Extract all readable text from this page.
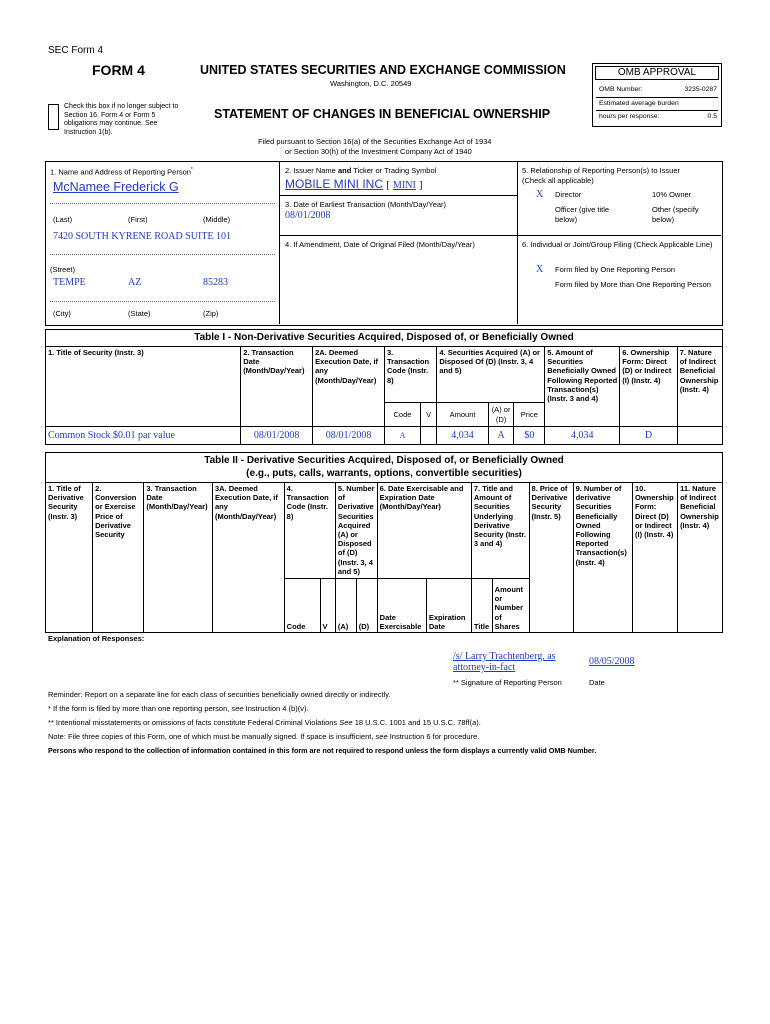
SEC Form 4
FORM 4	UNITED STATES SECURITIES AND EXCHANGE COMMISSION
Washington, D.C. 20549
Check this box if no longer subject to Section 16. Form 4 or Form 5 obligations may continue. See Instruction 1(b).
STATEMENT OF CHANGES IN BENEFICIAL OWNERSHIP
Filed pursuant to Section 16(a) of the Securities Exchange Act of 1934
or Section 30(h) of the Investment Company Act of 1940
OMB APPROVAL
OMB Number:	3235-0287
Estimated average burden
hours per response:	0.5
1. Name and Address of Reporting Person*
McNamee Frederick G
(Last)	(First)	(Middle)
7420 SOUTH KYRENE ROAD SUITE 101
(Street)
TEMPE	AZ	85283
(City)	(State)	(Zip)
2. Issuer Name and Ticker or Trading Symbol
MOBILE MINI INC [ MINI ]
3. Date of Earliest Transaction (Month/Day/Year)
08/01/2008
4. If Amendment, Date of Original Filed (Month/Day/Year)
5. Relationship of Reporting Person(s) to Issuer
(Check all applicable)
X Director	10% Owner
Officer (give title below)
Other (specify below)
6. Individual or Joint/Group Filing (Check Applicable Line)
X Form filed by One Reporting Person
Form filed by More than One Reporting Person
Table I - Non-Derivative Securities Acquired, Disposed of, or Beneficially Owned
1. Title of Security (Instr. 3)	2. Transaction Date (Month/Day/Year)	2A. Deemed Execution Date, if any (Month/Day/Year)	3. Transaction Code (Instr. 8)		4. Securities Acquired (A) or Disposed Of (D) (Instr. 3, 4 and 5)			5. Amount of Securities Beneficially Owned Following Reported Transaction(s) (Instr. 3 and 4)	6. Ownership Form: Direct (D) or Indirect (I) (Instr. 4)	7. Nature of Indirect Beneficial Ownership (Instr. 4)
			Code	V	Amount	(A) or (D)	Price			
Common Stock $0.01 par value	08/01/2008	08/01/2008	A		4,034	A	$0	4,034	D	
Table II - Derivative Securities Acquired, Disposed of, or Beneficially Owned
(e.g., puts, calls, warrants, options, convertible securities)
1. Title of Derivative Security (Instr. 3)	2. Conversion or Exercise Price of Derivative Security	3. Transaction Date (Month/Day/Year)	3A. Deemed Execution Date, if any (Month/Day/Year)	4. Transaction Code (Instr. 8)		5. Number of Derivative Securities Acquired (A) or Disposed of (D) (Instr. 3, 4 and 5)		6. Date Exercisable and Expiration Date (Month/Day/Year)		7. Title and Amount of Securities Underlying Derivative Security (Instr. 3 and 4)		8. Price of Derivative Security (Instr. 5)	9. Number of derivative Securities Beneficially Owned Following Reported Transaction(s) (Instr. 4)	10. Ownership Form: Direct (D) or Indirect (I) (Instr. 4)	11. Nature of Indirect Beneficial Ownership (Instr. 4)
				Code	V	(A)	(D)	Date Exercisable	Expiration Date	Title	Amount or Number of Shares				
Explanation of Responses:
/s/ Larry Trachtenberg, as attorney-in-fact
08/05/2008
** Signature of Reporting Person	Date
Reminder: Report on a separate line for each class of securities beneficially owned directly or indirectly.
* If the form is filed by more than one reporting person, see Instruction 4 (b)(v).
** Intentional misstatements or omissions of facts constitute Federal Criminal Violations See 18 U.S.C. 1001 and 15 U.S.C. 78ff(a).
Note: File three copies of this Form, one of which must be manually signed. If space is insufficient, see Instruction 6 for procedure.
Persons who respond to the collection of information contained in this form are not required to respond unless the form displays a currently valid OMB Number.
